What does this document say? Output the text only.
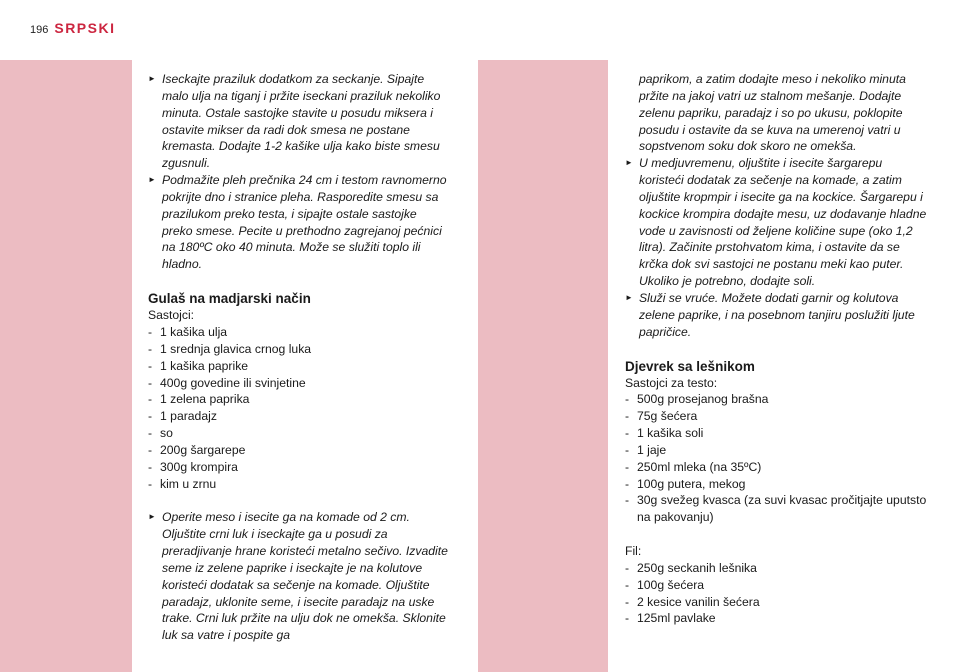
196 SRPSKI
► Iseckajte praziluk dodatkom za seckanje. Sipajte malo ulja na tiganj i pržite iseckani praziluk nekoliko minuta. Ostale sastojke stavite u posudu miksera i ostavite mikser da radi dok smesa ne postane kremasta. Dodajte 1-2 kašike ulja kako biste smesu zgusnuli.
► Podmažite pleh prečnika 24 cm i testom ravnomerno pokrijte dno i stranice pleha. Rasporedite smesu sa prazilukom preko testa, i sipajte ostale sastojke preko smese. Pecite u prethodno zagrejanoj pećnici na 180ºC oko 40 minuta. Može se služiti toplo ili hladno.
Gulaš na madjarski način
Sastojci:
- 1 kašika ulja
- 1 srednja glavica crnog luka
- 1 kašika paprike
- 400g govedine ili svinjetine
- 1 zelena paprika
- 1 paradajz
- so
- 200g šargarepe
- 300g krompira
- kim u zrnu
► Operite meso i isecite ga na komade od 2 cm. Oljuštite crni luk i iseckajte ga u posudi za preradjivanje hrane koristeći metalno sečivo. Izvadite seme iz zelene paprike i iseckajte je na kolutove koristeći dodatak sa sečenje na komade. Oljuštite paradajz, uklonite seme, i isecite paradajz na uske trake. Crni luk pržite na ulju dok ne omekša. Sklonite luk sa vatre i pospite ga
paprikom, a zatim dodajte meso i nekoliko minuta pržite na jakoj vatri uz stalnom mešanje. Dodajte zelenu papriku, paradajz i so po ukusu, poklopite posudu i ostavite da se kuva na umerenoj vatri u sopstvenom soku dok skoro ne omekša.
► U medjuvremenu, oljuštite i isecite šargarepu koristeći dodatak za sečenje na komade, a zatim oljuštite kropmpir i isecite ga na kockice. Šargarepu i kockice krompira dodajte mesu, uz dodavanje hladne vode u zavisnosti od željene količine supe (oko 1,2 litra). Začinite prstohvatom kima, i ostavite da se krčka dok svi sastojci ne postanu meki kao puter. Ukoliko je potrebno, dodajte soli.
► Služi se vruće. Možete dodati garnir og kolutova zelene paprike, i na posebnom tanjiru poslužiti ljute papričice.
Djevrek sa lešnikom
Sastojci za testo:
- 500g prosejanog brašna
- 75g šećera
- 1 kašika soli
- 1 jaje
- 250ml mleka (na 35ºC)
- 100g putera, mekog
- 30g svežeg kvasca (za suvi kvasac pročitjajte uputsto na pakovanju)
Fil:
- 250g seckanih lešnika
- 100g šećera
- 2 kesice vanilin šećera
- 125ml pavlake
